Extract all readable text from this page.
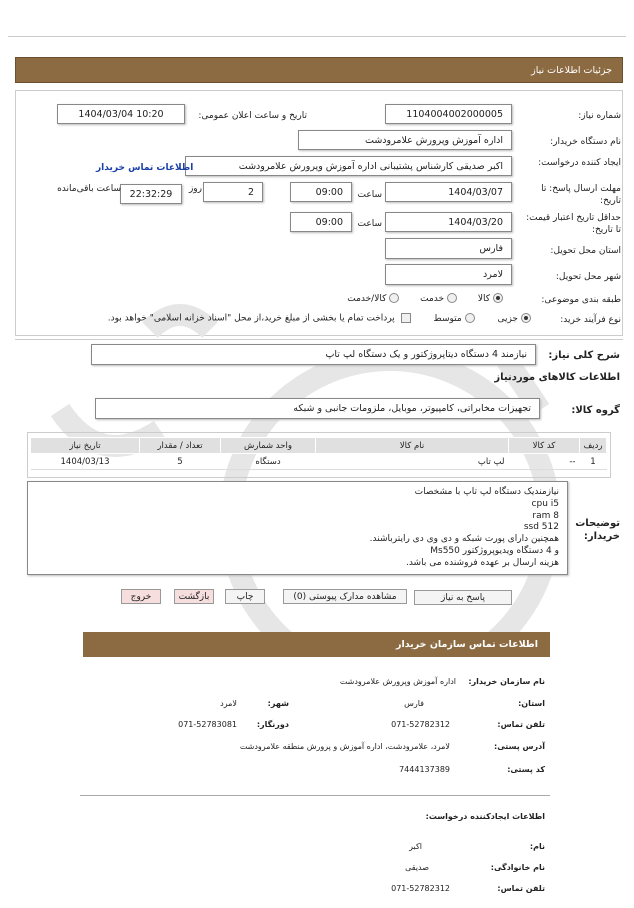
جزئیات اطلاعات نیاز
شماره نیاز:
1104004002000005
تاریخ و ساعت اعلان عمومی:
1404/03/04 10:20
نام دستگاه خریدار:
اداره آموزش وپرورش علامرودشت
ایجاد کننده درخواست:
اکبر صدیقی کارشناس پشتیبانی اداره آموزش وپرورش علامرودشت
اطلاعات تماس خریدار
مهلت ارسال پاسخ: تا تاریخ:
1404/03/07
ساعت
09:00
2
روز
22:32:29
ساعت باقی‌مانده
حداقل تاریخ اعتبار قیمت: تا تاریخ:
1404/03/20
ساعت
09:00
استان محل تحویل:
فارس
شهر محل تحویل:
لامرد
طبقه بندی موضوعی:
کالا  خدمت  کالا/خدمت
نوع فرآیند خرید:
جزیی  متوسط   پرداخت تمام یا بخشی از مبلغ خرید،از محل "اسناد خزانه اسلامی" خواهد بود.
شرح کلی نیاز:
نیازمند 4 دستگاه دیتاپروژکتور و یک دستگاه لپ تاپ
اطلاعات کالاهای موردنیاز
گروه کالا:
تجهیزات مخابراتی، کامپیوتر، موبایل، ملزومات جانبی و شبکه
ردیف	کد کالا	نام کالا	واحد شمارش	تعداد / مقدار	تاریخ نیاز
1	--	لپ تاپ	دستگاه	5	1404/03/13
توضیحات خریدار:
نیازمندیک دستگاه لپ تاپ با مشخصات
cpu i5
ram 8
ssd 512
همچنین دارای پورت شبکه و دی وی دی رایترباشند.
و 4 دستگاه ویدیوپروژکتور Ms550
هزینه ارسال بر عهده فروشنده می باشد.
پاسخ به نیاز
مشاهده مدارک پیوستی (0)
چاپ
بازگشت
خروج
اطلاعات تماس سازمان خریدار
نام سازمان خریدار:
اداره آموزش وپرورش علامرودشت
استان:
فارس
شهر:
لامرد
تلفن تماس:
071-52782312
دورنگار:
071-52783081
آدرس پستی:
لامرد، علامرودشت، اداره آموزش و پرورش منطقه علامرودشت
کد پستی:
7444137389
اطلاعات ایجادکننده درخواست:
نام:
اکبر
نام خانوادگی:
صدیقی
تلفن تماس:
071-52782312
